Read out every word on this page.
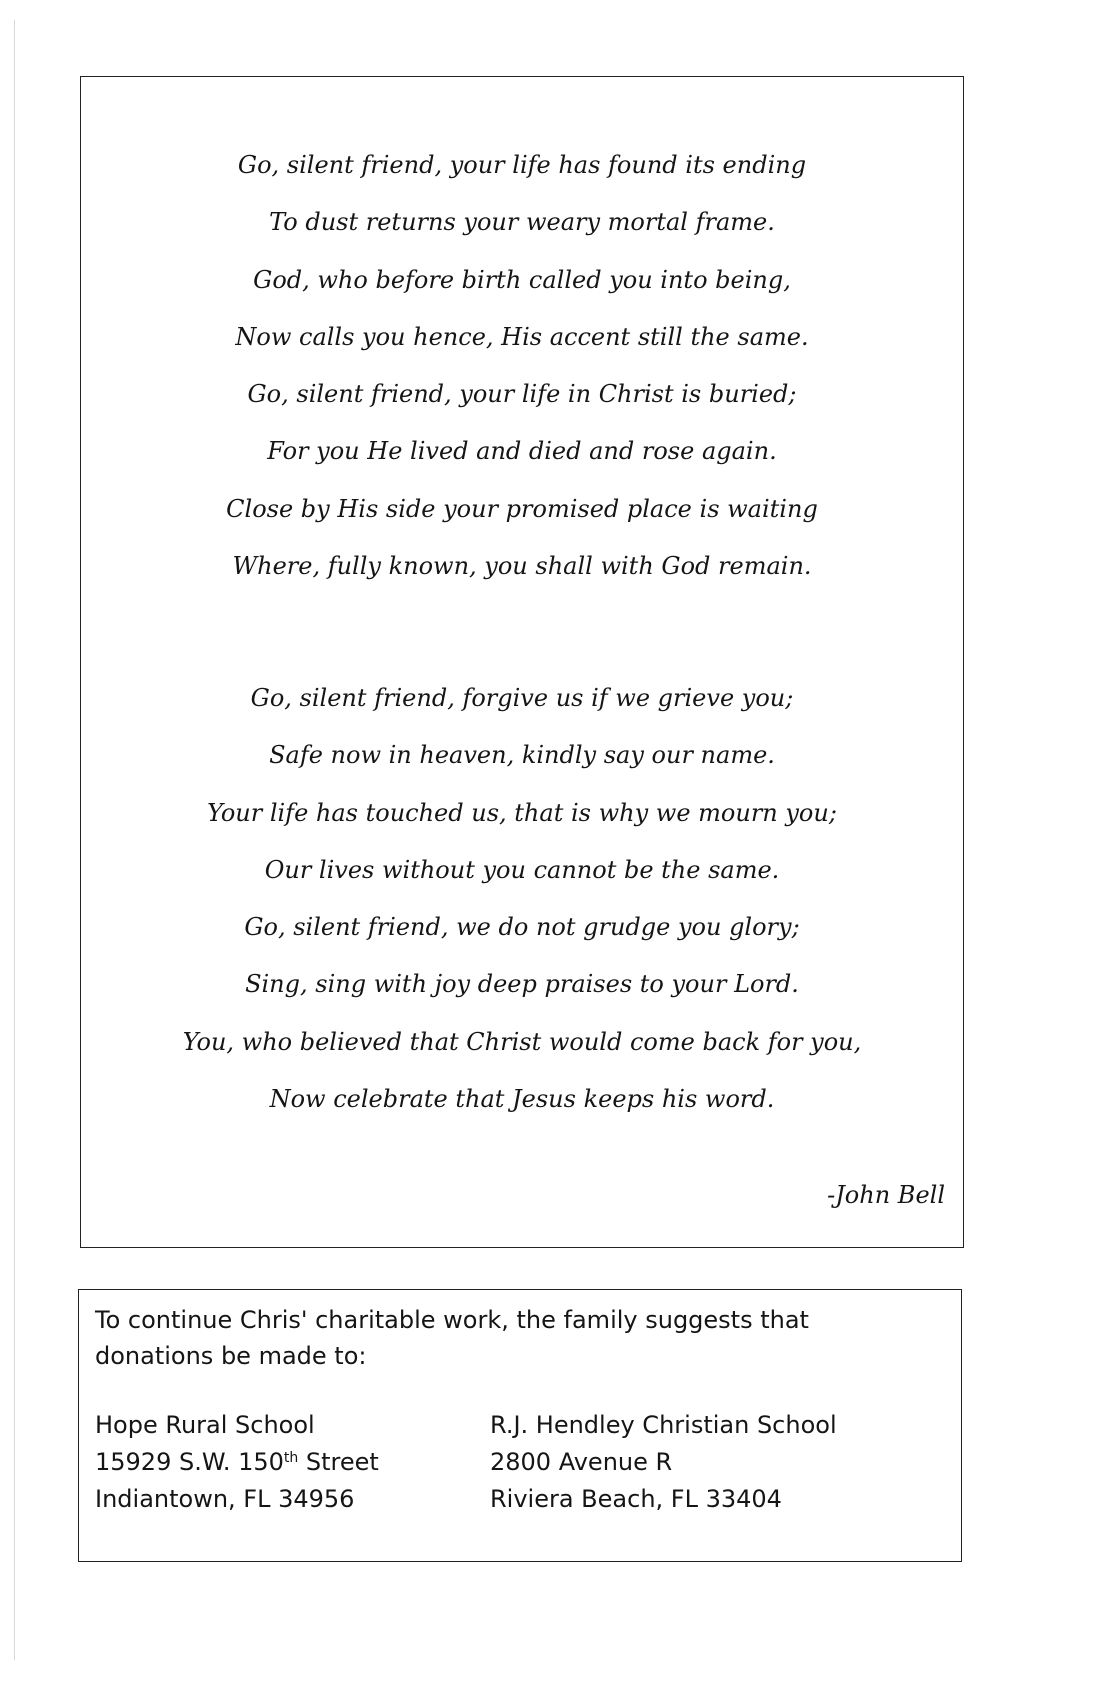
Go, silent friend, your life has found its ending
To dust returns your weary mortal frame.
God, who before birth called you into being,
Now calls you hence, His accent still the same.
Go, silent friend, your life in Christ is buried;
For you He lived and died and rose again.
Close by His side your promised place is waiting
Where, fully known, you shall with God remain.
Go, silent friend, forgive us if we grieve you;
Safe now in heaven, kindly say our name.
Your life has touched us, that is why we mourn you;
Our lives without you cannot be the same.
Go, silent friend, we do not grudge you glory;
Sing, sing with joy deep praises to your Lord.
You, who believed that Christ would come back for you,
Now celebrate that Jesus keeps his word.
-John Bell

To continue Chris' charitable work, the family suggests that donations be made to:

Hope Rural School
15929 S.W. 150th Street
Indiantown, FL 34956
R.J. Hendley Christian School
2800 Avenue R
Riviera Beach, FL 33404
